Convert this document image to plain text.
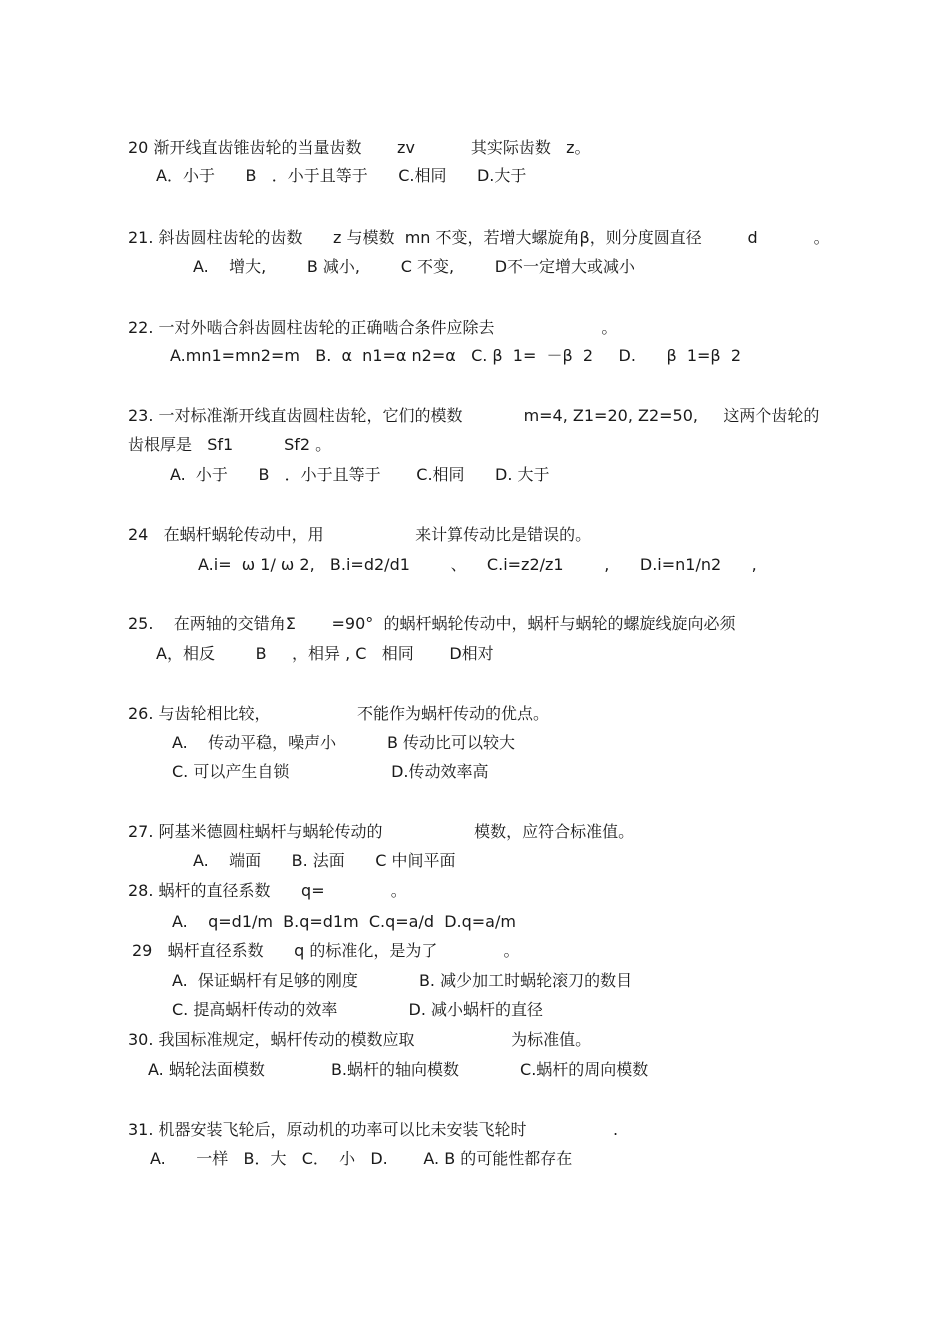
20 渐开线直齿锥齿轮的当量齿数       zv           其实际齿数   z。

A．小于      B   ．小于且等于      C.相同      D.大于

21. 斜齿圆柱齿轮的齿数      z 与模数  mn 不变，若增大螺旋角β，则分度圆直径         d           。

A.    增大,        B 减小,        C 不变,        D不一定增大或减小

22. 一对外啮合斜齿圆柱齿轮的正确啮合条件应除去                     。

A.mn1=mn2=m   B.  α  n1=α n2=α   C. β  1=  －β  2     D.      β  1=β  2

23. 一对标准渐开线直齿圆柱齿轮，它们的模数            m=4, Z1=20, Z2=50,     这两个齿轮的

齿根厚是   Sf1          Sf2 。

A.  小于      B   ．小于且等于       C.相同      D. 大于

24   在蜗杆蜗轮传动中，用                  来计算传动比是错误的。

A.i=  ω 1/ ω 2,   B.i=d2/d1        、    C.i=z2/z1        ,      D.i=n1/n2      ,

25.    在两轴的交错角Σ       =90°  的蜗杆蜗轮传动中，蜗杆与蜗轮的螺旋线旋向必须

A，相反        B     ，相异 , C   相同       D相对

26. 与齿轮相比较，                 不能作为蜗杆传动的优点。

A.    传动平稳，噪声小          B 传动比可以较大

C. 可以产生自锁                    D.传动效率高

27. 阿基米德圆柱蜗杆与蜗轮传动的                  模数，应符合标准值。

A.    端面      B. 法面      C 中间平面

28. 蜗杆的直径系数      q=             。

A.    q=d1/m  B.q=d1m  C.q=a/d  D.q=a/m

29   蜗杆直径系数      q 的标准化，是为了             。

A.  保证蜗杆有足够的刚度            B. 减少加工时蜗轮滚刀的数目

C. 提高蜗杆传动的效率              D. 减小蜗杆的直径

30. 我国标准规定，蜗杆传动的模数应取                   为标准值。

A. 蜗轮法面模数             B.蜗杆的轴向模数            C.蜗杆的周向模数

31. 机器安装飞轮后，原动机的功率可以比未安装飞轮时                 .

A.      一样   B．大   C．  小   D.       A. B 的可能性都存在
